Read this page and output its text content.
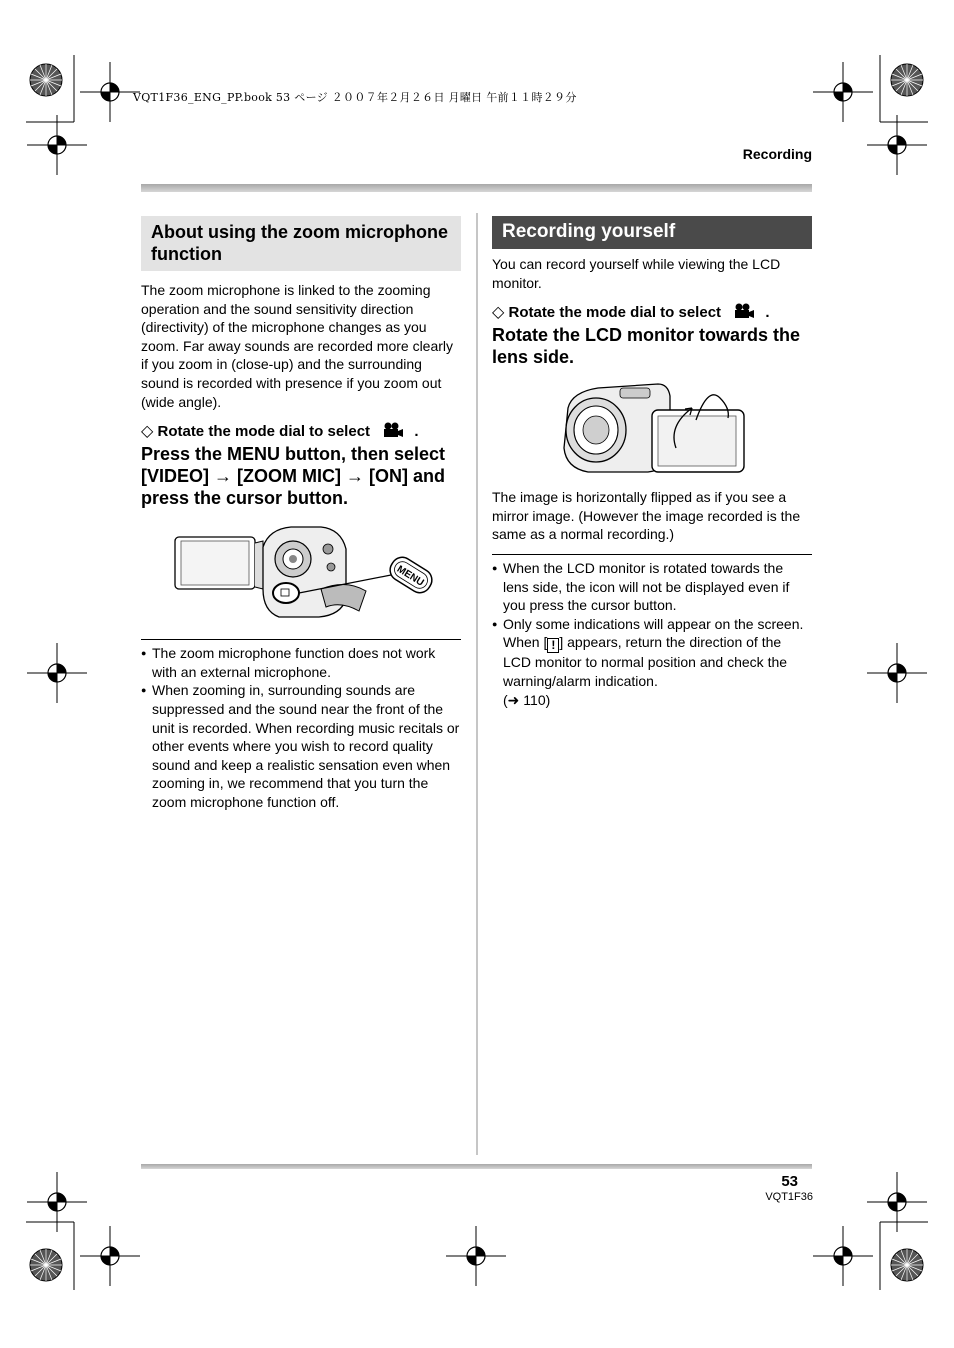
VQT1F36_ENG_PP.book 53 ページ ２００７年２月２６日 月曜日 午前１１時２９分
Recording
About using the zoom microphone function
The zoom microphone is linked to the zooming operation and the sound sensitivity direction (directivity) of the microphone changes as you zoom. Far away sounds are recorded more clearly if you zoom in (close-up) and the surrounding sound is recorded with presence if you zoom out (wide angle).
◇ Rotate the mode dial to select	.
Press the MENU button, then select [VIDEO] → [ZOOM MIC] → [ON] and press the cursor button.
MENU
● The zoom microphone function does not work with an external microphone.
● When zooming in, surrounding sounds are suppressed and the sound near the front of the unit is recorded. When recording music recitals or other events where you wish to record quality sound and keep a realistic sensation even when zooming in, we recommend that you turn the zoom microphone function off.
Recording yourself
You can record yourself while viewing the LCD monitor.
◇ Rotate the mode dial to select	.
Rotate the LCD monitor towards the lens side.
The image is horizontally flipped as if you see a mirror image. (However the image recorded is the same as a normal recording.)
● When the LCD monitor is rotated towards the lens side, the icon will not be displayed even if you press the cursor button.
● Only some indications will appear on the screen. When [ ! ] appears, return the direction of the LCD monitor to normal position and check the warning/alarm indication.
(➜ 110)
53
VQT1F36
